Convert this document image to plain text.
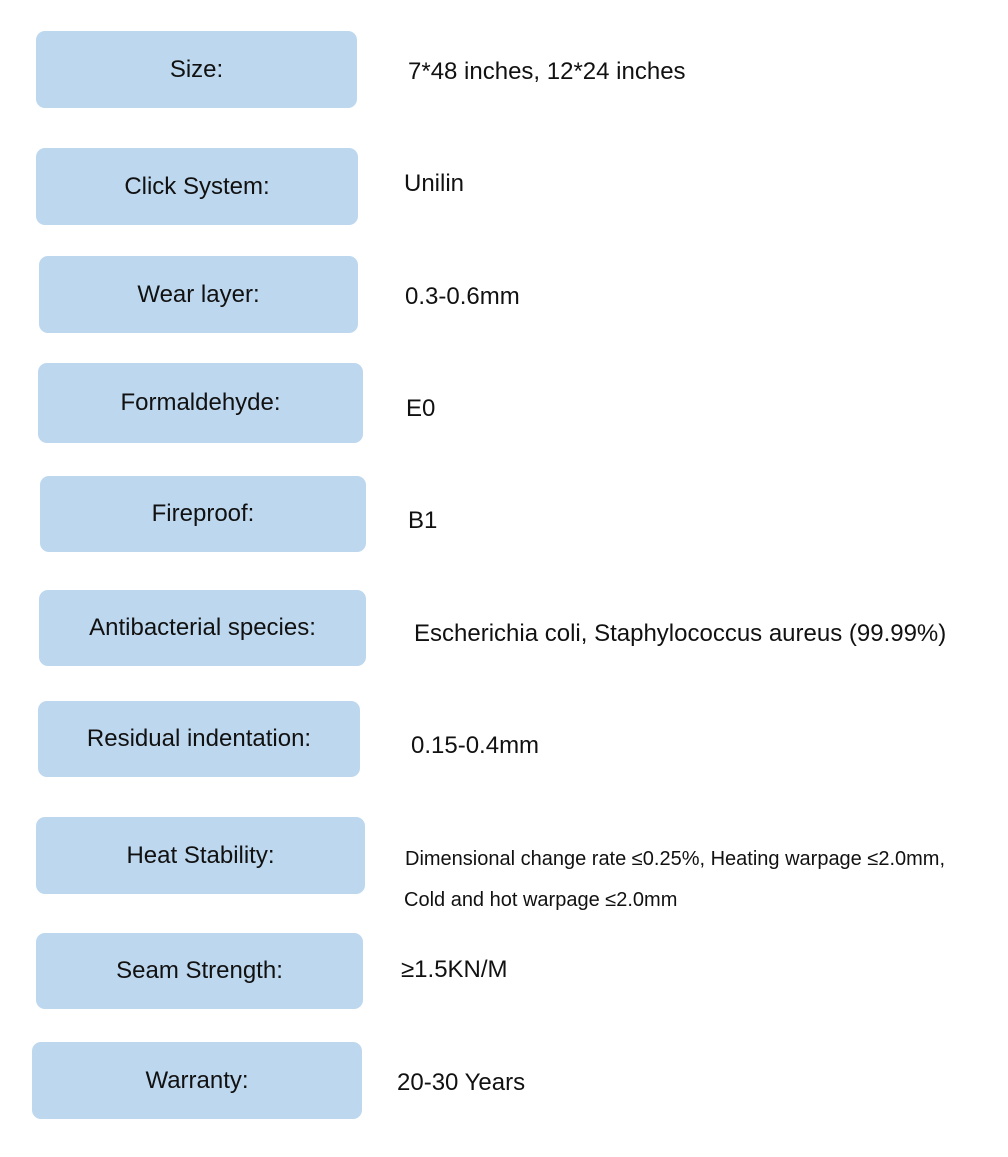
Size:	7*48 inches, 12*24 inches
Click System:	Unilin
Wear layer:	0.3-0.6mm
Formaldehyde:	E0
Fireproof:	B1
Antibacterial species:	Escherichia coli, Staphylococcus aureus (99.99%)
Residual indentation:	0.15-0.4mm
Heat Stability:	Dimensional change rate ≤0.25%, Heating warpage ≤2.0mm,
Cold and hot warpage ≤2.0mm
Seam Strength:	≥1.5KN/M
Warranty:	20-30 Years
